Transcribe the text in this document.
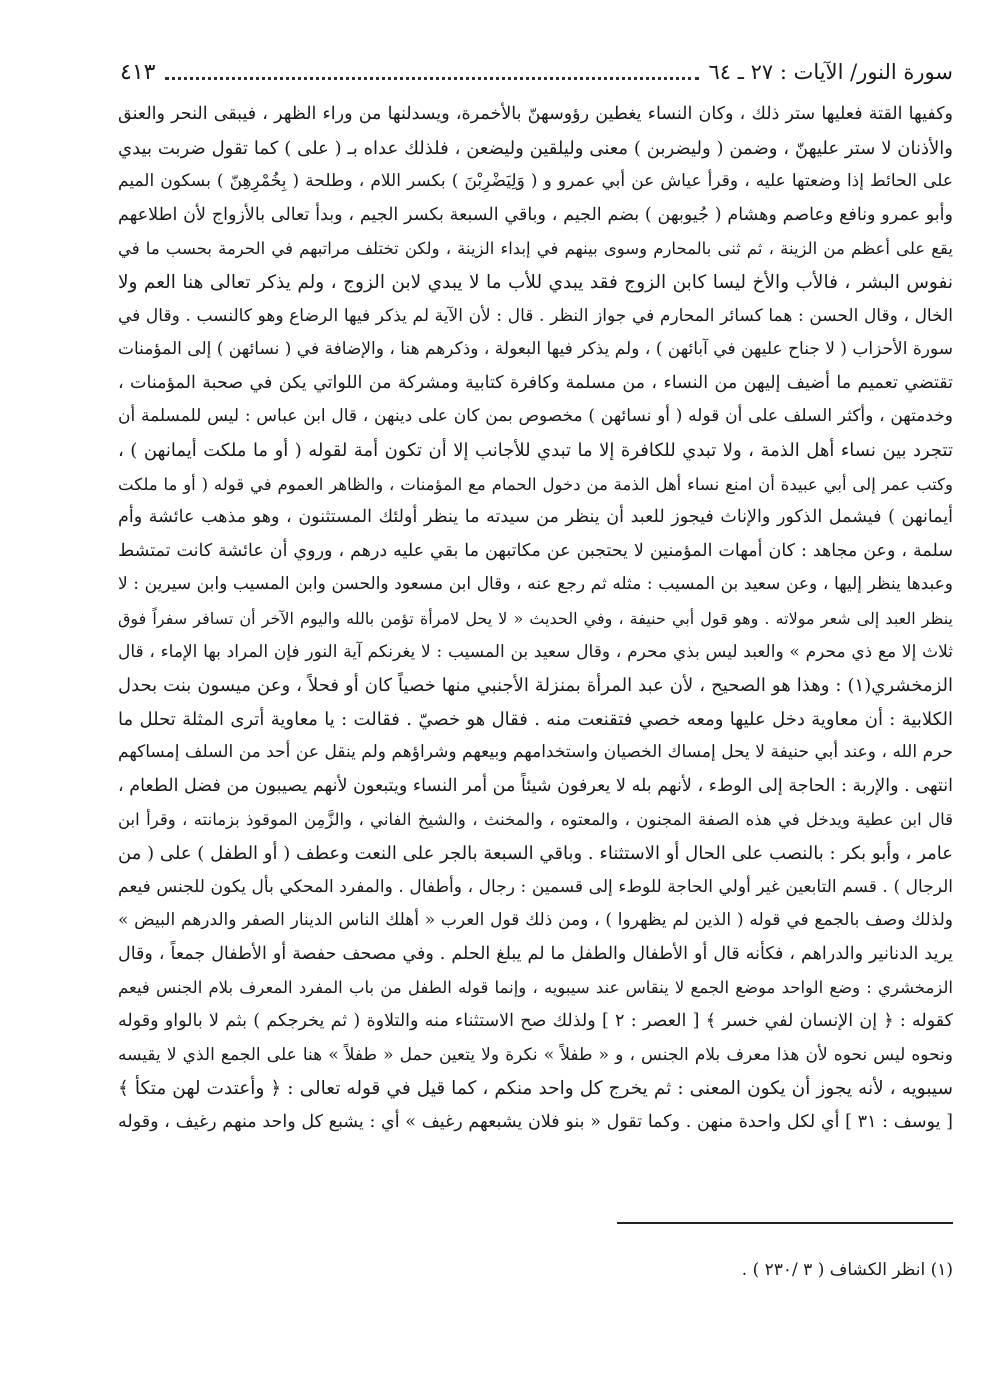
سورة النور/ الآيات : ٢٧ ـ ٦٤
٤١٣
وكفيها القتة فعليها ستر ذلك ، وكان النساء يغطين رؤوسهنّ بالأخمرة، ويسدلنها من وراء الظهر ، فيبقى النحر والعنق
والأذنان لا ستر عليهنّ ، وضمن ( وليضربن ) معنى وليلقين وليضعن ، فلذلك عداه بـ ( على ) كما تقول ضربت بيدي
على الحائط إذا وضعتها عليه ، وقرأ عياش عن أبي عمرو و ( وَلِيَضْرِبْنَ ) بكسر اللام ، وطلحة ( بِخُمْرِهِنّ ) بسكون الميم
وأبو عمرو ونافع وعاصم وهشام ( جُيوبهن ) بضم الجيم ، وباقي السبعة بكسر الجيم ، وبدأ تعالى بالأزواج لأن اطلاعهم
يقع على أعظم من الزينة ، ثم ثنى بالمحارم وسوى بينهم في إبداء الزينة ، ولكن تختلف مراتبهم في الحرمة بحسب ما في
نفوس البشر ، فالأب والأخ ليسا كابن الزوج فقد يبدي للأب ما لا يبدي لابن الزوج ، ولم يذكر تعالى هنا العم ولا
الخال ، وقال الحسن : هما كسائر المحارم في جواز النظر . قال : لأن الآية لم يذكر فيها الرضاع وهو كالنسب . وقال في
سورة الأحزاب ( لا جناح عليهن في آبائهن ) ، ولم يذكر فيها البعولة ، وذكرهم هنا ، والإضافة في ( نسائهن ) إلى المؤمنات
تقتضي تعميم ما أضيف إليهن من النساء ، من مسلمة وكافرة كتابية ومشركة من اللواتي يكن في صحبة المؤمنات ،
وخدمتهن ، وأكثر السلف على أن قوله ( أو نسائهن ) مخصوص بمن كان على دينهن ، قال ابن عباس : ليس للمسلمة أن
تتجرد بين نساء أهل الذمة ، ولا تبدي للكافرة إلا ما تبدي للأجانب إلا أن تكون أمة لقوله ( أو ما ملكت أيمانهن ) ،
وكتب عمر إلى أبي عبيدة أن امنع نساء أهل الذمة من دخول الحمام مع المؤمنات ، والظاهر العموم في قوله ( أو ما ملكت
أيمانهن ) فيشمل الذكور والإناث فيجوز للعبد أن ينظر من سيدته ما ينظر أولئك المستثنون ، وهو مذهب عائشة وأم
سلمة ، وعن مجاهد : كان أمهات المؤمنين لا يحتجبن عن مكاتبهن ما بقي عليه درهم ، وروي أن عائشة كانت تمتشط
وعبدها ينظر إليها ، وعن سعيد بن المسيب : مثله ثم رجع عنه ، وقال ابن مسعود والحسن وابن المسيب وابن سيرين : لا
ينظر العبد إلى شعر مولاته . وهو قول أبي حنيفة ، وفي الحديث « لا يحل لامرأة تؤمن بالله واليوم الآخر أن تسافر سفراً فوق
ثلاث إلا مع ذي محرم » والعبد ليس بذي محرم ، وقال سعيد بن المسيب : لا يغرنكم آية النور فإن المراد بها الإماء ، قال
الزمخشري(١) : وهذا هو الصحيح ، لأن عبد المرأة بمنزلة الأجنبي منها خصياً كان أو فحلاً ، وعن ميسون بنت بحدل
الكلابية : أن معاوية دخل عليها ومعه خصي فتقنعت منه . فقال هو خصيّ . فقالت : يا معاوية أترى المثلة تحلل ما
حرم الله ، وعند أبي حنيفة لا يحل إمساك الخصيان واستخدامهم وبيعهم وشراؤهم ولم ينقل عن أحد من السلف إمساكهم
انتهى . والإربة : الحاجة إلى الوطء ، لأنهم بله لا يعرفون شيئاً من أمر النساء ويتبعون لأنهم يصيبون من فضل الطعام ،
قال ابن عطية ويدخل في هذه الصفة المجنون ، والمعتوه ، والمخنث ، والشيخ الفاني ، والزَّمِن الموقوذ بزمانته ، وقرأ ابن
عامر ، وأبو بكر : بالنصب على الحال أو الاستثناء . وباقي السبعة بالجر على النعت وعطف ( أو الطفل ) على ( من
الرجال ) . قسم التابعين غير أولي الحاجة للوطء إلى قسمين : رجال ، وأطفال . والمفرد المحكي بأل يكون للجنس فيعم
ولذلك وصف بالجمع في قوله ( الذين لم يظهروا ) ، ومن ذلك قول العرب « أهلك الناس الدينار الصفر والدرهم البيض »
يريد الدنانير والدراهم ، فكأنه قال أو الأطفال والطفل ما لم يبلغ الحلم . وفي مصحف حفصة أو الأطفال جمعاً ، وقال
الزمخشري : وضع الواحد موضع الجمع لا ينقاس عند سيبويه ، وإنما قوله الطفل من باب المفرد المعرف بلام الجنس فيعم
كقوله : ﴿ إن الإنسان لفي خسر ﴾ [ العصر : ٢ ] ولذلك صح الاستثناء منه والتلاوة ( ثم يخرجكم ) بثم لا بالواو وقوله
ونحوه ليس نحوه لأن هذا معرف بلام الجنس ، و « طفلاً » نكرة ولا يتعين حمل « طفلاً » هنا على الجمع الذي لا يقيسه
سيبويه ، لأنه يجوز أن يكون المعنى : ثم يخرج كل واحد منكم ، كما قيل في قوله تعالى : ﴿ وأعتدت لهن متكأ ﴾
[ يوسف : ٣١ ] أي لكل واحدة منهن . وكما تقول « بنو فلان يشبعهم رغيف » أي : يشبع كل واحد منهم رغيف ، وقوله
(١) انظر الكشاف ( ٣ /٢٣٠ ) .
